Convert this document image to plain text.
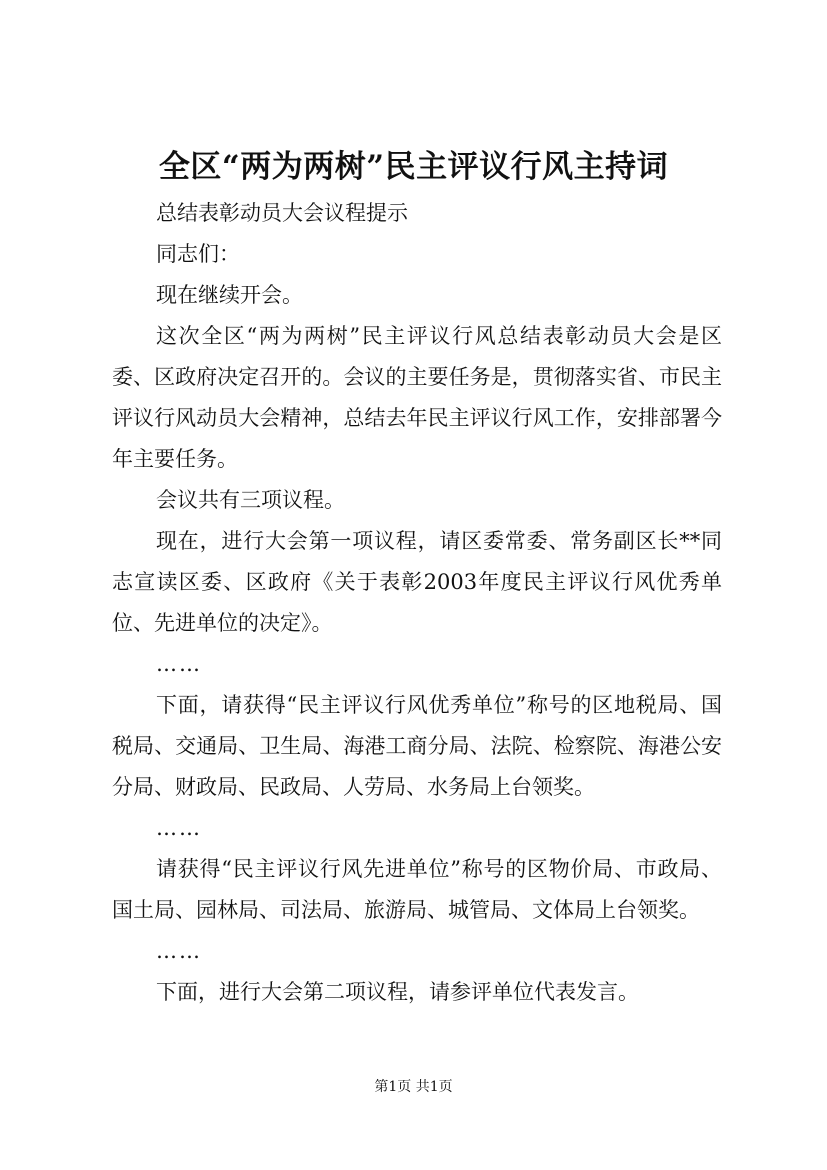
全区“两为两树”民主评议行风主持词

总结表彰动员大会议程提示

同志们：

现在继续开会。

这次全区“两为两树”民主评议行风总结表彰动员大会是区委、区政府决定召开的。会议的主要任务是，贯彻落实省、市民主评议行风动员大会精神，总结去年民主评议行风工作，安排部署今年主要任务。

会议共有三项议程。

现在，进行大会第一项议程，请区委常委、常务副区长**同志宣读区委、区政府《关于表彰2003年度民主评议行风优秀单位、先进单位的决定》。

……

下面，请获得“民主评议行风优秀单位”称号的区地税局、国税局、交通局、卫生局、海港工商分局、法院、检察院、海港公安分局、财政局、民政局、人劳局、水务局上台领奖。

……

请获得“民主评议行风先进单位”称号的区物价局、市政局、国土局、园林局、司法局、旅游局、城管局、文体局上台领奖。

……

下面，进行大会第二项议程，请参评单位代表发言。

第1页 共1页
